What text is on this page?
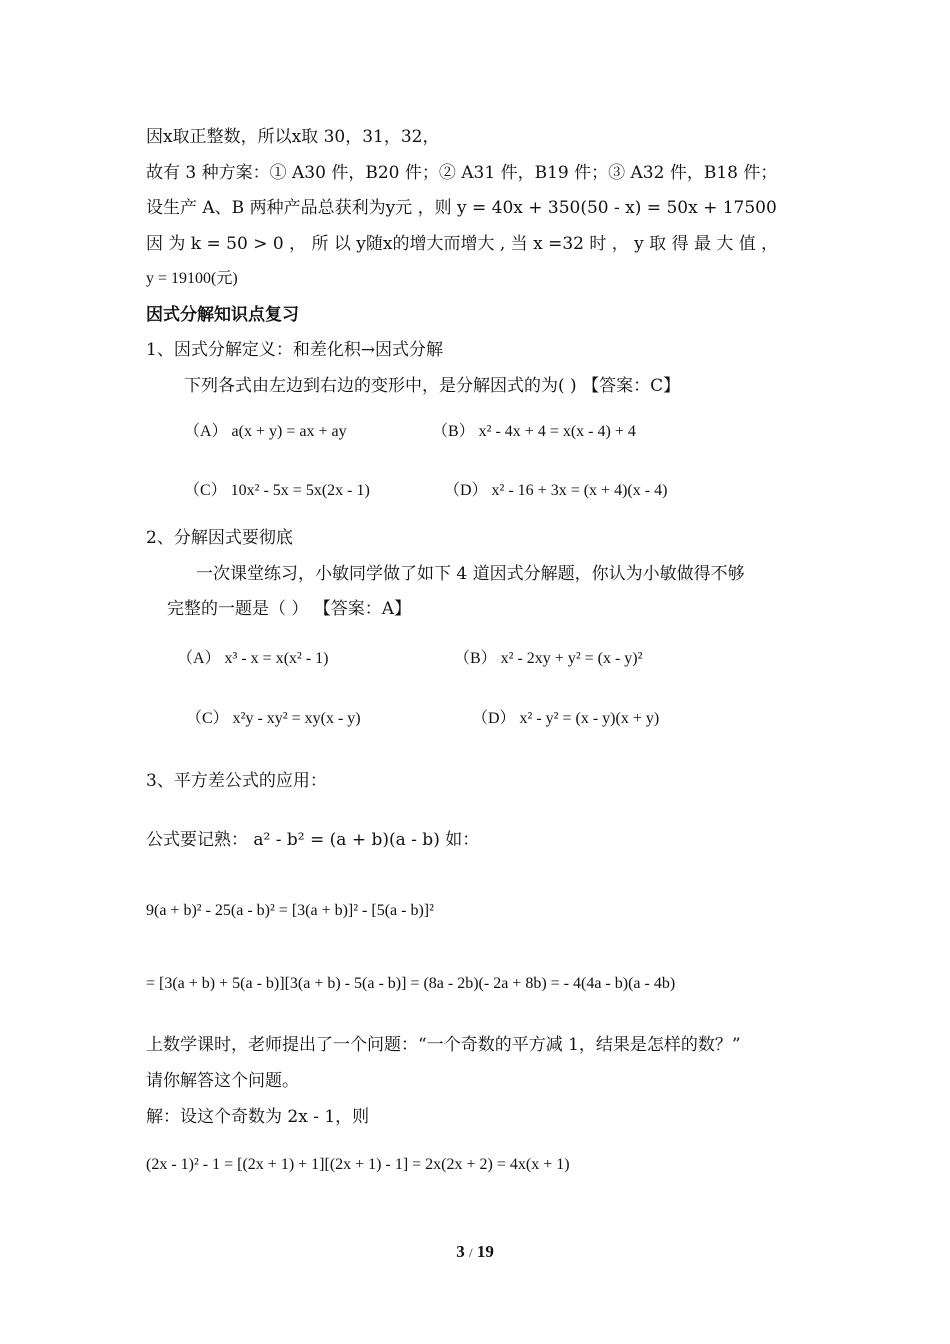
因x取正整数，所以x取 30，31，32，
故有 3 种方案：① A30 件，B20 件；② A31 件，B19 件；③ A32 件，B18 件；
设生产 A、B 两种产品总获利为y元 ，则 y = 40x + 350(50 - x) = 50x + 17500
因 为 k = 50 > 0 ， 所 以 y随x的增大而增大 , 当 x =32 时 ， y 取 得 最 大 值 ，
y = 19100(元)
因式分解知识点复习
1、因式分解定义：和差化积→因式分解
下列各式由左边到右边的变形中，是分解因式的为( ) 【答案：C】
（A） a(x + y) = ax + ay	（B） x² - 4x + 4 = x(x - 4) + 4
（C） 10x² - 5x = 5x(2x - 1)	（D） x² - 16 + 3x = (x + 4)(x - 4)
2、分解因式要彻底
一次课堂练习，小敏同学做了如下 4 道因式分解题，你认为小敏做得不够
完整的一题是（ ） 【答案：A】
（A） x³ - x = x(x² - 1)	（B） x² - 2xy + y² = (x - y)²
（C） x²y - xy² = xy(x - y)	（D） x² - y² = (x - y)(x + y)
3、平方差公式的应用：
公式要记熟： a² - b² = (a + b)(a - b) 如：
9(a + b)² - 25(a - b)² = [3(a + b)]² - [5(a - b)]²
= [3(a + b) + 5(a - b)][3(a + b) - 5(a - b)] = (8a - 2b)(- 2a + 8b) = - 4(4a - b)(a - 4b)
上数学课时，老师提出了一个问题：“一个奇数的平方减 1，结果是怎样的数？”
请你解答这个问题。
解：设这个奇数为 2x - 1，则
(2x - 1)² - 1 = [(2x + 1) + 1][(2x + 1) - 1] = 2x(2x + 2) = 4x(x + 1)
3 / 19
